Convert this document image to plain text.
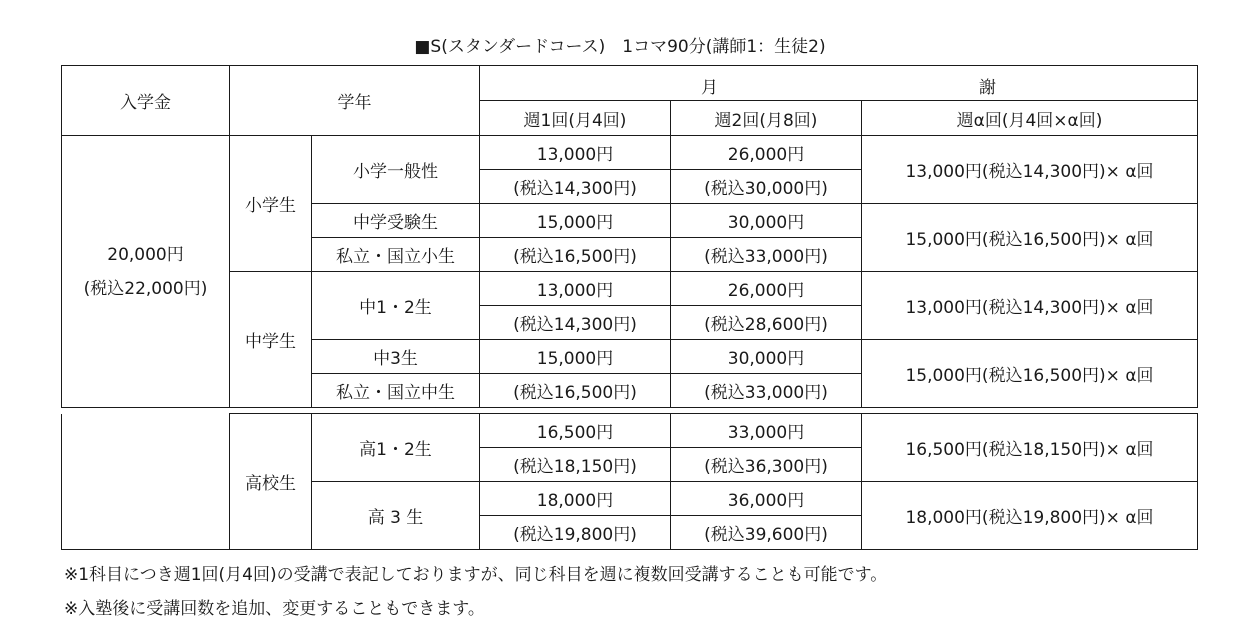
■S(スタンダードコース)　1コマ90分(講師1：生徒2)
入学金	学年		月 謝		

			週1回(月4回)	週2回(月8回)	週α回(月4回×α回)

20,000円
(税込22,000円)	小学生	小学一般性	13,000円	26,000円	13,000円(税込14,300円)× α回
			(税込14,300円)	(税込30,000円)	
		中学受験生	15,000円	30,000円	15,000円(税込16,500円)× α回
		私立・国立小生	(税込16,500円)	(税込33,000円)	
	中学生	中1・2生	13,000円	26,000円	13,000円(税込14,300円)× α回
			(税込14,300円)	(税込28,600円)	
		中3生	15,000円	30,000円	15,000円(税込16,500円)× α回
		私立・国立中生	(税込16,500円)	(税込33,000円)	
	高校生	高1・2生	16,500円	33,000円	16,500円(税込18,150円)× α回
			(税込18,150円)	(税込36,300円)	
		高 3 生	18,000円	36,000円	18,000円(税込19,800円)× α回
			(税込19,800円)	(税込39,600円)	
※1科目につき週1回(月4回)の受講で表記しておりますが、同じ科目を週に複数回受講することも可能です。
※入塾後に受講回数を追加、変更することもできます。
